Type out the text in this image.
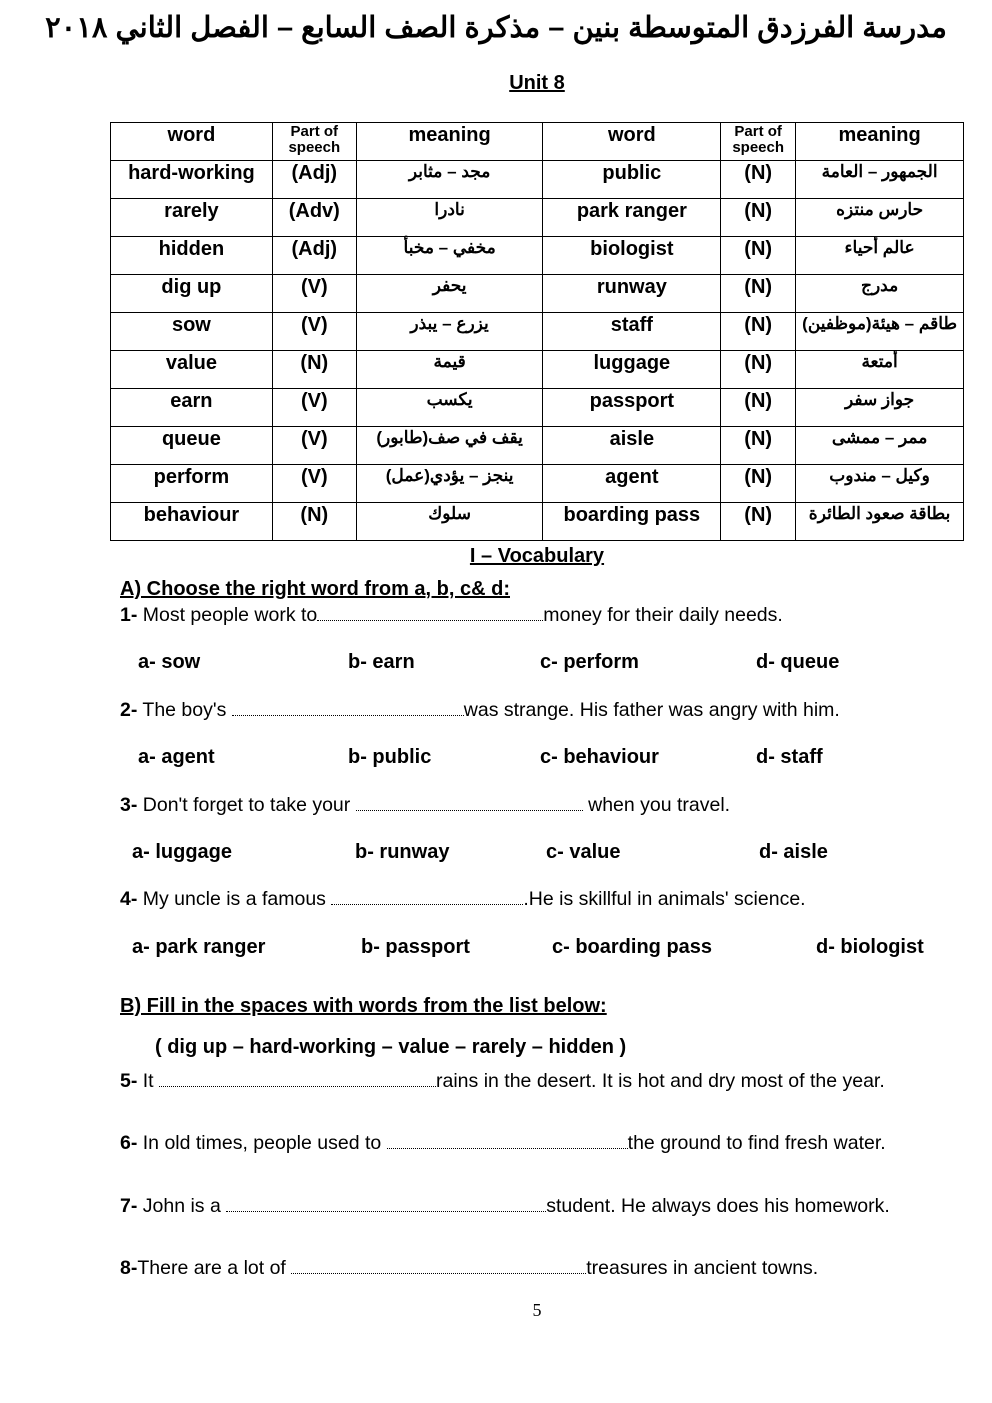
مدرسة الفرزدق المتوسطة بنين – مذكرة الصف السابع – الفصل الثاني ٢٠١٨
Unit 8
word	Part of speech	meaning	word	Part of speech	meaning
hard-working	(Adj)	مجد – مثابر	public	(N)	الجمهور – العامة
rarely	(Adv)	نادرا	park ranger	(N)	حارس منتزه
hidden	(Adj)	مخفي – مخبأ	biologist	(N)	عالم أحياء
dig up	(V)	يحفر	runway	(N)	مدرج
sow	(V)	يزرع – يبذر	staff	(N)	طاقم – هيئة(موظفين)
value	(N)	قيمة	luggage	(N)	أمتعة
earn	(V)	يكسب	passport	(N)	جواز سفر
queue	(V)	يقف في صف(طابور)	aisle	(N)	ممر – ممشى
perform	(V)	ينجز – يؤدي(عمل)	agent	(N)	وكيل – مندوب
behaviour	(N)	سلوك	boarding pass	(N)	بطاقة صعود الطائرة
I – Vocabulary
A) Choose the right word from a, b, c& d:
1- Most people work to	money for their daily needs.
a- sow	b- earn	c- perform	d- queue
2- The boy's	was strange. His father was angry with him.
a- agent	b- public	c- behaviour	d- staff
3- Don't forget to take your	when you travel.
a- luggage	b- runway	c- value	d- aisle
4- My uncle is a famous	.He is skillful in animals' science.
a- park ranger	b- passport	c- boarding pass	d- biologist
B) Fill in the spaces with words from the list below:
( dig up – hard-working – value – rarely – hidden )
5- It	rains in the desert. It is hot and dry most of the year.
6- In old times, people used to	the ground to find fresh water.
7- John is a	student. He always does his homework.
8-There are a lot of	treasures in ancient towns.
5
